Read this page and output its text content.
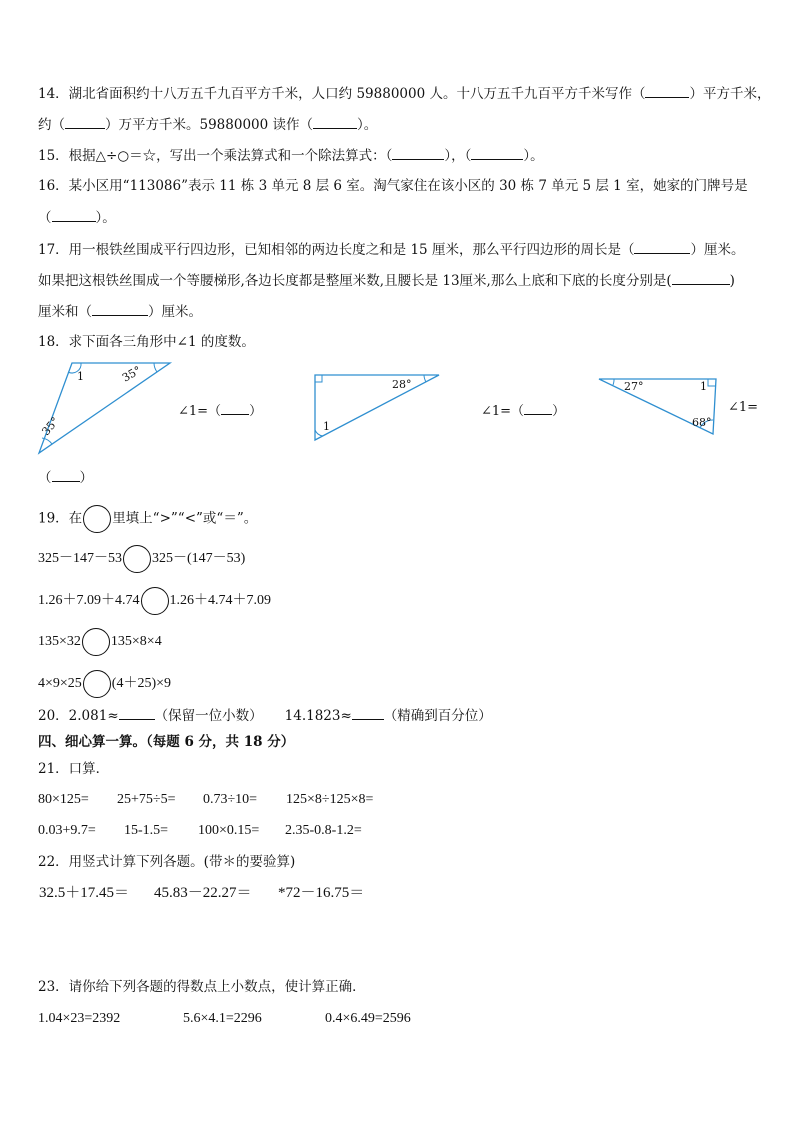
14．湖北省面积约十八万五千九百平方千米，人口约 59880000 人。十八万五千九百平方千米写作（	）平方千米，
约（	）万平方千米。59880000 读作（	）。
15．根据△÷○＝☆，写出一个乘法算式和一个除法算式：（	），（	）。
16．某小区用“113086”表示 11 栋 3 单元 8 层 6 室。淘气家住在该小区的 30 栋 7 单元 5 层 1 室，她家的门牌号是
（	）。
17．用一根铁丝围成平行四边形，已知相邻的两边长度之和是 15 厘米，那么平行四边形的周长是（	）厘米。
如果把这根铁丝围成一个等腰梯形,各边长度都是整厘米数,且腰长是 13厘米,那么上底和下底的长度分别是(	)
厘米和（	）厘米。
18．求下面各三角形中∠1 的度数。
1	35°
35°
∠1=（ ）
28°
1
∠1=（ ）
27°	1
68°
∠1=
（ ）
19．在 里填上“>”“<”或“＝”。
325－147－53 325－(147－53)
1.26＋7.09＋4.74 1.26＋4.74＋7.09
135×32 135×8×4
4×9×25 (4＋25)×9
20．2.081≈	（保留一位小数） 14.1823≈ （精确到百分位）
四、细心算一算。（每题 6 分，共 18 分）
21．口算．
80×125= 25+75÷5= 0.73÷10= 125×8÷125×8=
0.03+9.7= 15-1.5= 100×0.15= 2.35-0.8-1.2=
22．用竖式计算下列各题。(带＊的要验算)
32.5＋17.45＝ 45.83－22.27＝ *72－16.75＝
23．请你给下列各题的得数点上小数点，使计算正确．
1.04×23=2392	5.6×4.1=2296	0.4×6.49=2596
